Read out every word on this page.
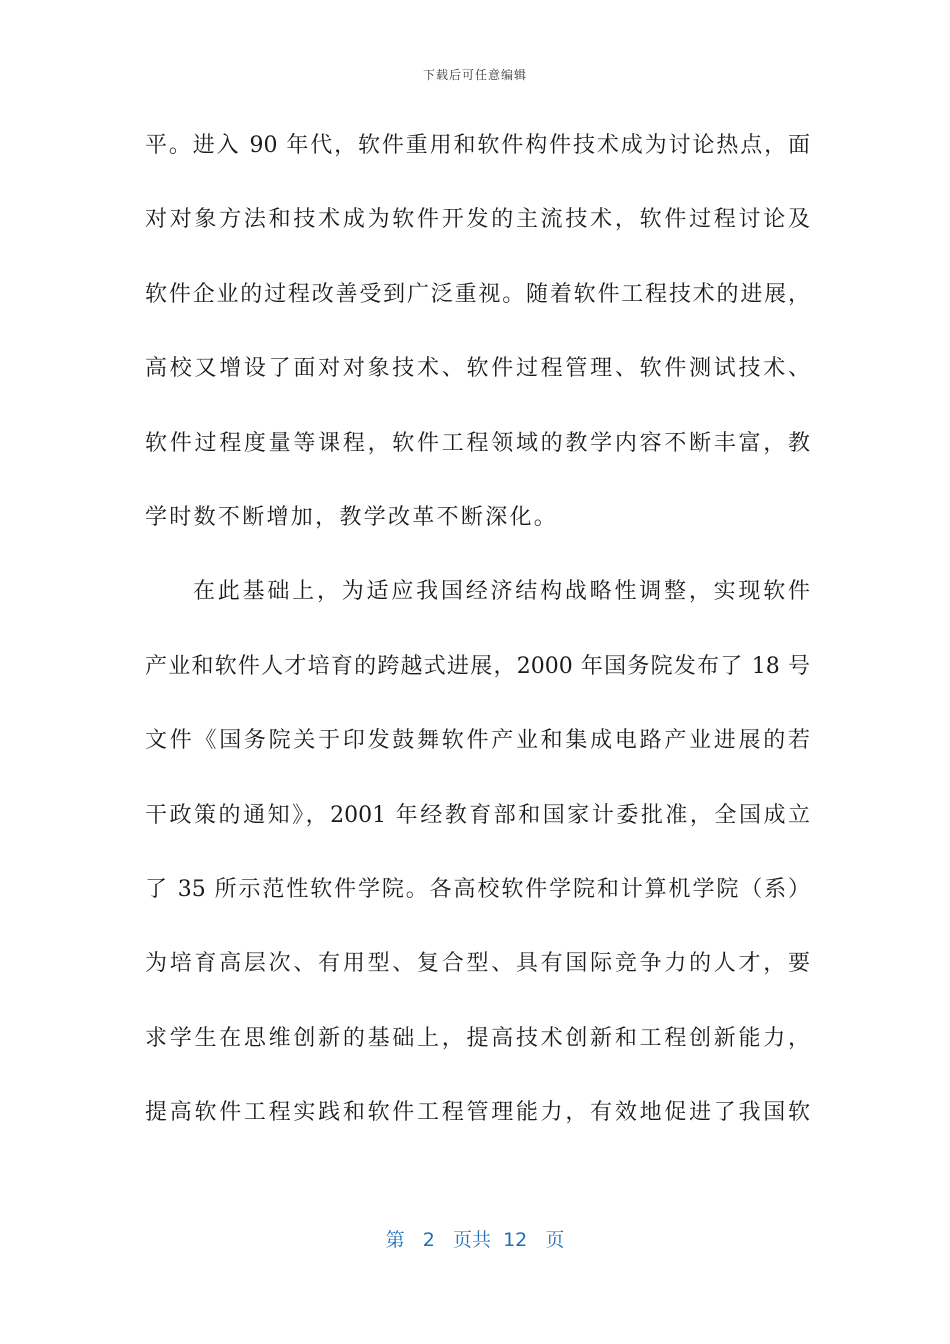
下载后可任意编辑
平。进入 90 年代，软件重用和软件构件技术成为讨论热点，面
对对象方法和技术成为软件开发的主流技术，软件过程讨论及
软件企业的过程改善受到广泛重视。随着软件工程技术的进展，
高校又增设了面对对象技术、软件过程管理、软件测试技术、
软件过程度量等课程，软件工程领域的教学内容不断丰富，教
学时数不断增加，教学改革不断深化。
在此基础上，为适应我国经济结构战略性调整，实现软件
产业和软件人才培育的跨越式进展，2000 年国务院发布了 18 号
文件《国务院关于印发鼓舞软件产业和集成电路产业进展的若
干政策的通知》，2001 年经教育部和国家计委批准，全国成立
了 35 所示范性软件学院。各高校软件学院和计算机学院（系）
为培育高层次、有用型、复合型、具有国际竞争力的人才，要
求学生在思维创新的基础上，提高技术创新和工程创新能力，
提高软件工程实践和软件工程管理能力，有效地促进了我国软
第 2 页共 12 页
